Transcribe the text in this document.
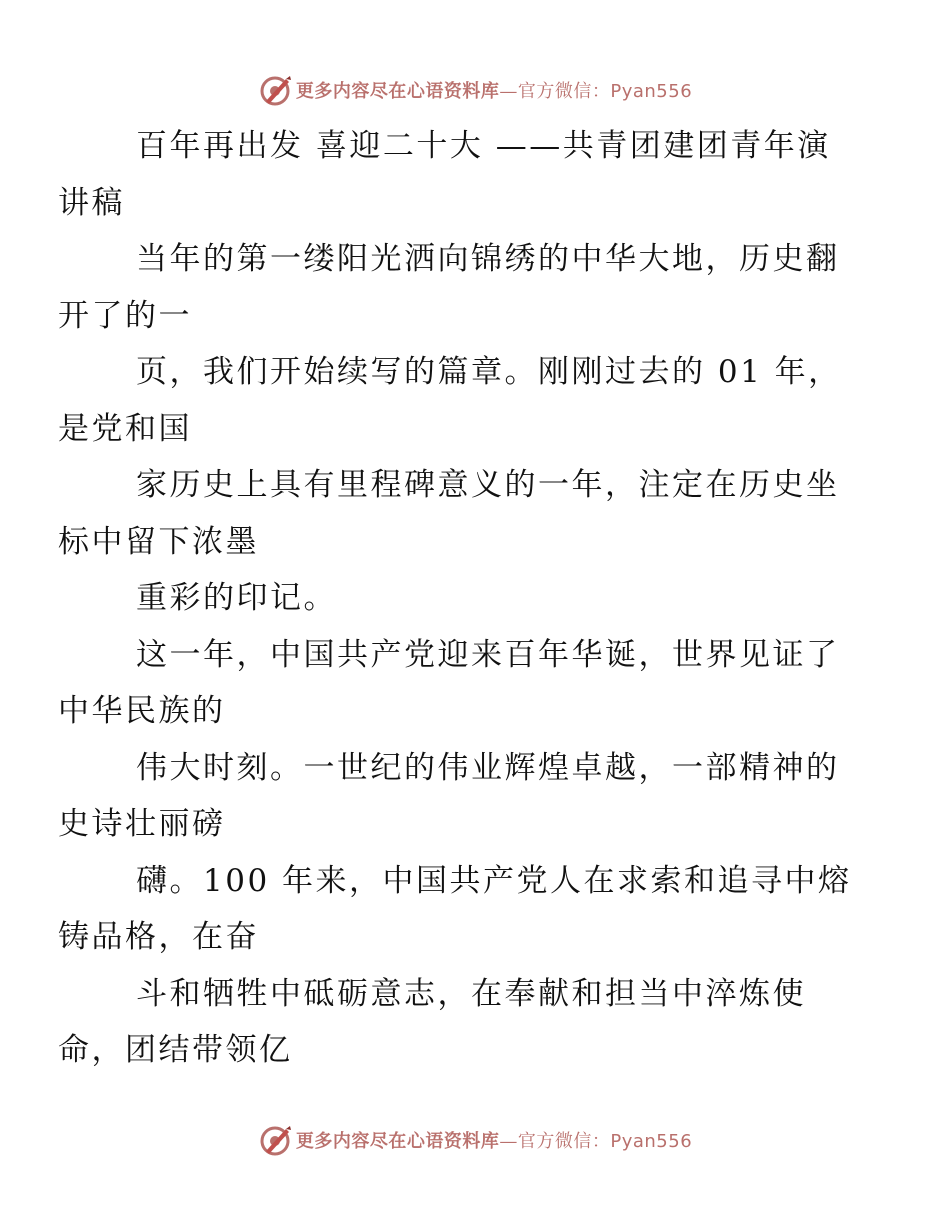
更多内容尽在心语资料库—官方微信：Pyan556

百年再出发 喜迎二十大 ——共青团建团青年演
讲稿

当年的第一缕阳光洒向锦绣的中华大地，历史翻
开了的一

页，我们开始续写的篇章。刚刚过去的 01 年，
是党和国

家历史上具有里程碑意义的一年，注定在历史坐
标中留下浓墨

重彩的印记。

这一年，中国共产党迎来百年华诞，世界见证了
中华民族的

伟大时刻。一世纪的伟业辉煌卓越，一部精神的
史诗壮丽磅

礴。100 年来，中国共产党人在求索和追寻中熔
铸品格，在奋

斗和牺牲中砥砺意志，在奉献和担当中淬炼使
命，团结带领亿

更多内容尽在心语资料库—官方微信：Pyan556
